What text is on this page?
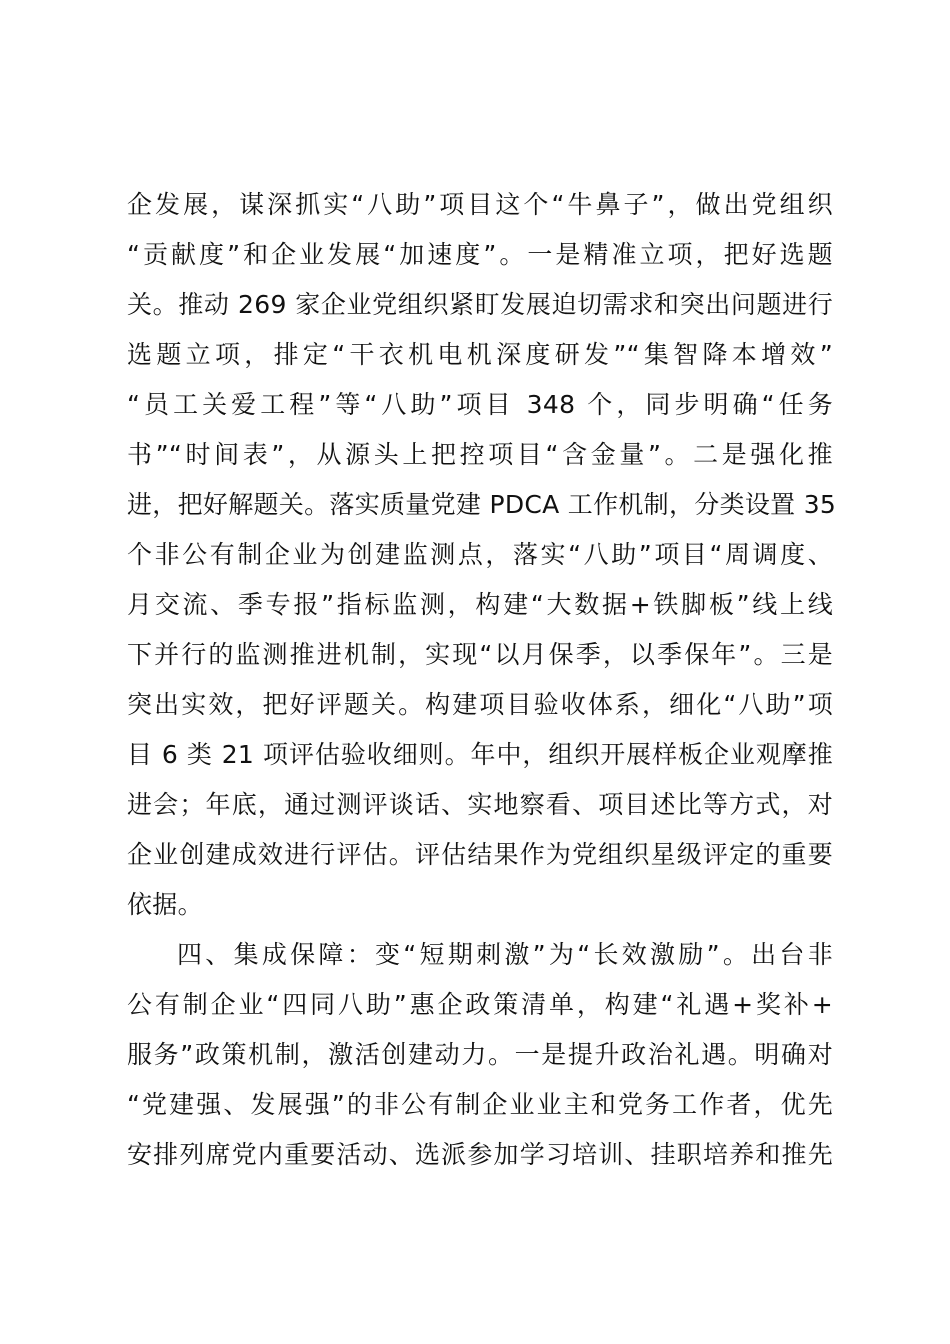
企发展，谋深抓实“八助”项目这个“牛鼻子”，做出党组织
“贡献度”和企业发展“加速度”。一是精准立项，把好选题
关。推动 269 家企业党组织紧盯发展迫切需求和突出问题进行
选题立项，排定“干衣机电机深度研发”“集智降本增效”
“员工关爱工程”等“八助”项目 348 个，同步明确“任务
书”“时间表”，从源头上把控项目“含金量”。二是强化推
进，把好解题关。落实质量党建 PDCA 工作机制，分类设置 35
个非公有制企业为创建监测点，落实“八助”项目“周调度、
月交流、季专报”指标监测，构建“大数据+铁脚板”线上线
下并行的监测推进机制，实现“以月保季，以季保年”。三是
突出实效，把好评题关。构建项目验收体系，细化“八助”项
目 6 类 21 项评估验收细则。年中，组织开展样板企业观摩推
进会；年底，通过测评谈话、实地察看、项目述比等方式，对
企业创建成效进行评估。评估结果作为党组织星级评定的重要
依据。
四、集成保障：变“短期刺激”为“长效激励”。出台非
公有制企业“四同八助”惠企政策清单，构建“礼遇+奖补+
服务”政策机制，激活创建动力。一是提升政治礼遇。明确对
“党建强、发展强”的非公有制企业业主和党务工作者，优先
安排列席党内重要活动、选派参加学习培训、挂职培养和推先
